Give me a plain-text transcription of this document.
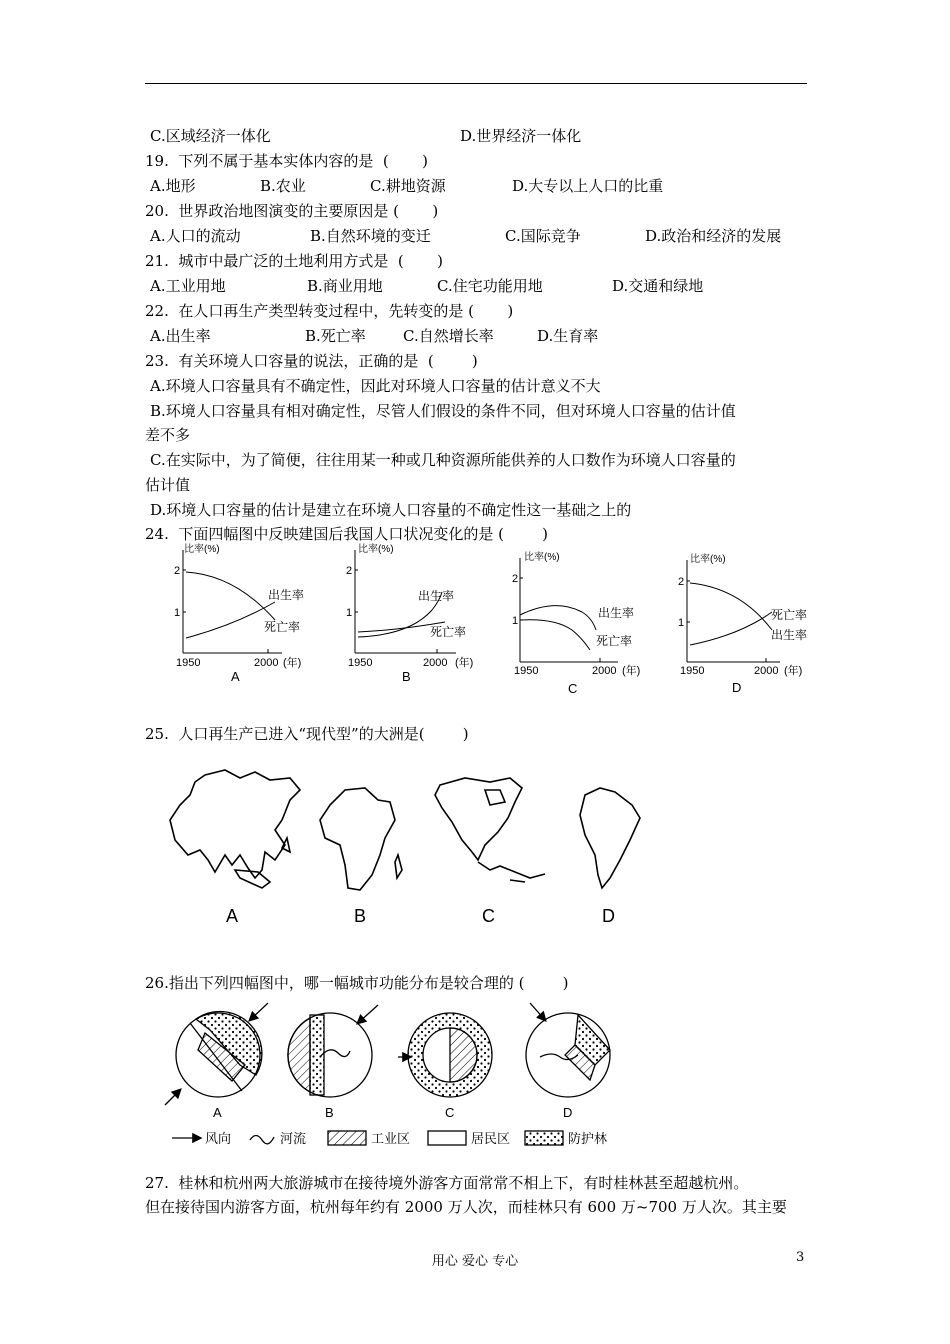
C.区域经济一体化	D.世界经济一体化
19.  下列不属于基本实体内容的是  (       )
A.地形	B.农业	C.耕地资源	D.大专以上人口的比重
20.  世界政治地图演变的主要原因是 (       )
A.人口的流动	B.自然环境的变迁	C.国际竞争	D.政治和经济的发展
21.  城市中最广泛的土地利用方式是  (       )
A.工业用地	B.商业用地	C.住宅功能用地	D.交通和绿地
22.  在人口再生产类型转变过程中，先转变的是 (       )
A.出生率	B.死亡率 C.自然增长率	D.生育率
23.  有关环境人口容量的说法，正确的是  (        )
A.环境人口容量具有不确定性，因此对环境人口容量的估计意义不大
B.环境人口容量具有相对确定性，尽管人们假设的条件不同，但对环境人口容量的估计值
差不多
C.在实际中，为了简便，往往用某一种或几种资源所能供养的人口数作为环境人口容量的
估计值
D.环境人口容量的估计是建立在环境人口容量的不确定性这一基础之上的
24.  下面四幅图中反映建国后我国人口状况变化的是 (        )
比率(%)
2
1
出生率
死亡率
1950	2000 (年)
A
比率(%)
2
1
出生率
死亡率
1950	2000 (年)
B
比率(%)
2
1
出生率
死亡率
1950	2000 (年)
C
比率(%)
2
1
死亡率
出生率
1950	2000 (年)
D
25.  人口再生产已进入“现代型”的大洲是(        )
A	B	C	D
26.指出下列四幅图中，哪一幅城市功能分布是较合理的 (        )
A	B	C	D
风向	河流	工业区	居民区	防护林
27.  桂林和杭州两大旅游城市在接待境外游客方面常常不相上下，有时桂林甚至超越杭州。
但在接待国内游客方面，杭州每年约有 2000 万人次，而桂林只有 600 万~700 万人次。其主要
用心 爱心 专心	3
